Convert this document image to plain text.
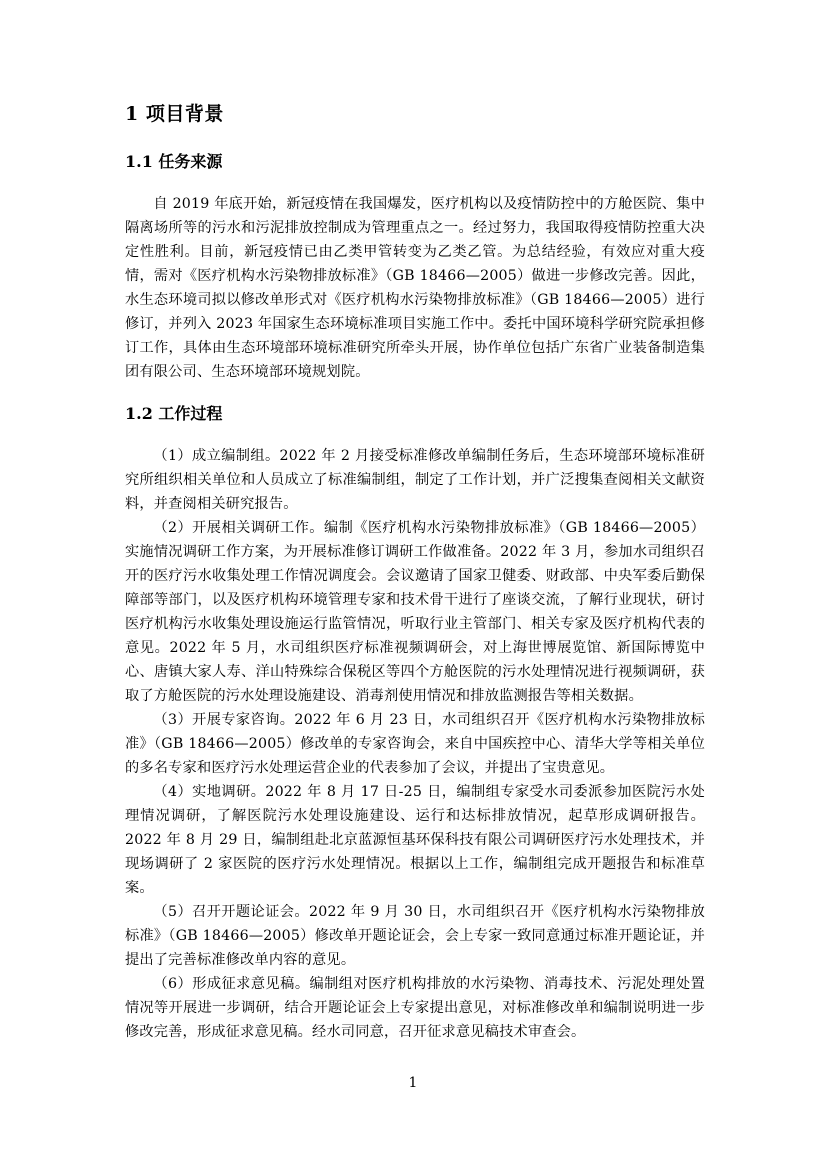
1 项目背景
1.1 任务来源

自 2019 年底开始，新冠疫情在我国爆发，医疗机构以及疫情防控中的方舱医院、集中隔离场所等的污水和污泥排放控制成为管理重点之一。经过努力，我国取得疫情防控重大决定性胜利。目前，新冠疫情已由乙类甲管转变为乙类乙管。为总结经验，有效应对重大疫情，需对《医疗机构水污染物排放标准》（GB 18466—2005）做进一步修改完善。因此，水生态环境司拟以修改单形式对《医疗机构水污染物排放标准》（GB 18466—2005）进行修订，并列入 2023 年国家生态环境标准项目实施工作中。委托中国环境科学研究院承担修订工作，具体由生态环境部环境标准研究所牵头开展，协作单位包括广东省广业装备制造集团有限公司、生态环境部环境规划院。

1.2 工作过程

（1）成立编制组。2022 年 2 月接受标准修改单编制任务后，生态环境部环境标准研究所组织相关单位和人员成立了标准编制组，制定了工作计划，并广泛搜集查阅相关文献资料，并查阅相关研究报告。

（2）开展相关调研工作。编制《医疗机构水污染物排放标准》（GB 18466—2005）实施情况调研工作方案，为开展标准修订调研工作做准备。2022 年 3 月，参加水司组织召开的医疗污水收集处理工作情况调度会。会议邀请了国家卫健委、财政部、中央军委后勤保障部等部门，以及医疗机构环境管理专家和技术骨干进行了座谈交流，了解行业现状，研讨医疗机构污水收集处理设施运行监管情况，听取行业主管部门、相关专家及医疗机构代表的意见。2022 年 5 月，水司组织医疗标准视频调研会，对上海世博展览馆、新国际博览中心、唐镇大家人寿、洋山特殊综合保税区等四个方舱医院的污水处理情况进行视频调研，获取了方舱医院的污水处理设施建设、消毒剂使用情况和排放监测报告等相关数据。

（3）开展专家咨询。2022 年 6 月 23 日，水司组织召开《医疗机构水污染物排放标准》（GB 18466—2005）修改单的专家咨询会，来自中国疾控中心、清华大学等相关单位的多名专家和医疗污水处理运营企业的代表参加了会议，并提出了宝贵意见。

（4）实地调研。2022 年 8 月 17 日-25 日，编制组专家受水司委派参加医院污水处理情况调研，了解医院污水处理设施建设、运行和达标排放情况，起草形成调研报告。2022 年 8 月 29 日，编制组赴北京蓝源恒基环保科技有限公司调研医疗污水处理技术，并现场调研了 2 家医院的医疗污水处理情况。根据以上工作，编制组完成开题报告和标准草案。

（5）召开开题论证会。2022 年 9 月 30 日，水司组织召开《医疗机构水污染物排放标准》（GB 18466—2005）修改单开题论证会，会上专家一致同意通过标准开题论证，并提出了完善标准修改单内容的意见。

（6）形成征求意见稿。编制组对医疗机构排放的水污染物、消毒技术、污泥处理处置情况等开展进一步调研，结合开题论证会上专家提出意见，对标准修改单和编制说明进一步修改完善，形成征求意见稿。经水司同意，召开征求意见稿技术审查会。

1
